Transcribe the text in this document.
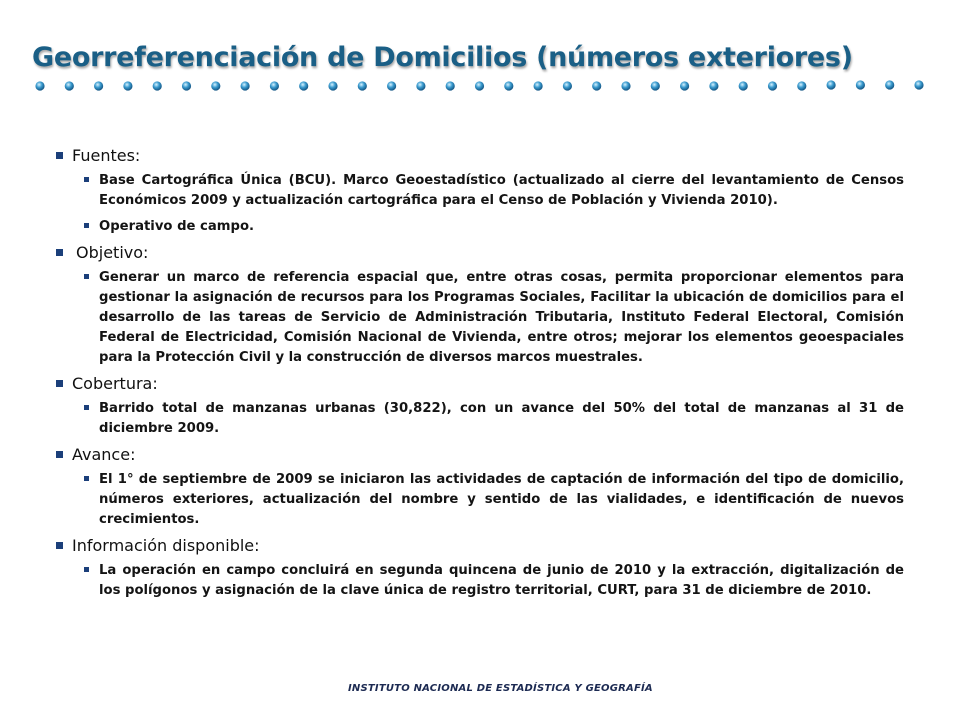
Georreferenciación de Domicilios (números exteriores)
Fuentes:
Base Cartográfica Única (BCU). Marco Geoestadístico (actualizado al cierre del levantamiento de Censos Económicos 2009 y actualización cartográfica para el Censo de Población y Vivienda 2010).
Operativo de campo.
Objetivo:
Generar un marco de referencia espacial que, entre otras cosas, permita proporcionar elementos para gestionar la asignación de recursos para los Programas Sociales, Facilitar la ubicación de domicilios para el desarrollo de las tareas de Servicio de Administración Tributaria, Instituto Federal Electoral, Comisión Federal de Electricidad, Comisión Nacional de Vivienda, entre otros; mejorar los elementos geoespaciales para la Protección Civil y la construcción de diversos marcos muestrales.
Cobertura:
Barrido total de manzanas urbanas (30,822), con un avance del 50% del total de manzanas al 31 de diciembre 2009.
Avance:
El 1° de septiembre de 2009 se iniciaron las actividades de captación de información del tipo de domicilio, números exteriores, actualización del nombre y sentido de las vialidades, e identificación de nuevos crecimientos.
Información disponible:
La operación en campo concluirá en segunda quincena de junio de 2010 y la extracción, digitalización de los polígonos y asignación de la clave única de registro territorial, CURT, para 31 de diciembre de 2010.
INSTITUTO NACIONAL DE ESTADÍSTICA Y GEOGRAFÍA
